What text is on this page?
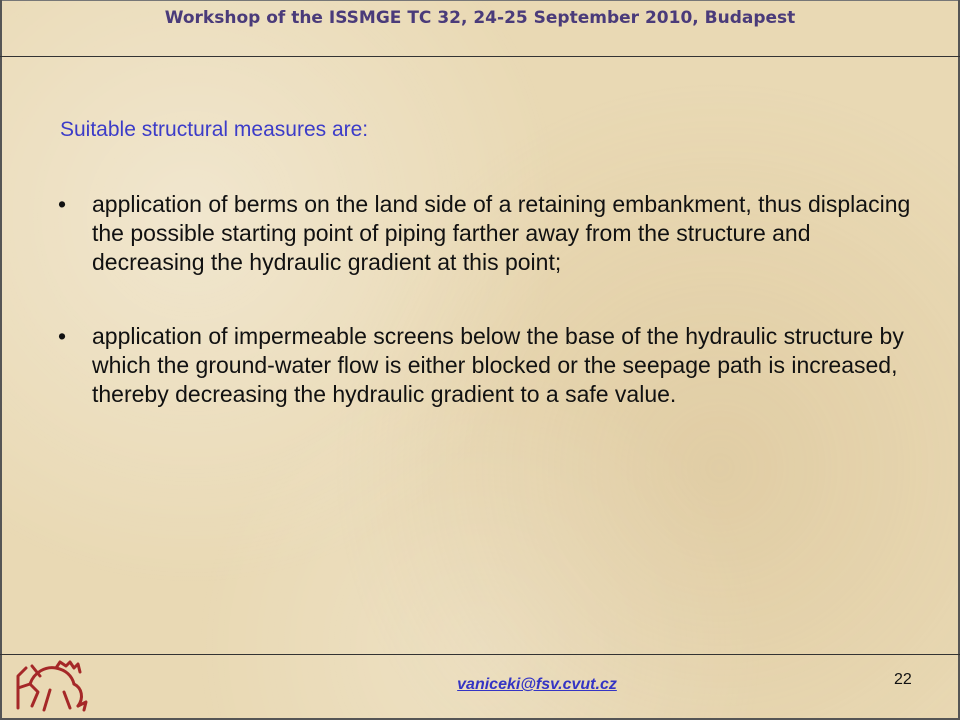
Workshop of the ISSMGE TC 32, 24-25 September 2010, Budapest
Suitable structural measures are:
• application of berms on the land side of a retaining embankment, thus displacing the possible starting point of piping farther away from the structure and decreasing the hydraulic gradient at this point;
• application of impermeable screens below the base of the hydraulic structure by which the ground-water flow is either blocked or the seepage path is increased, thereby decreasing the hydraulic gradient to a safe value.
vaniceki@fsv.cvut.cz	22
